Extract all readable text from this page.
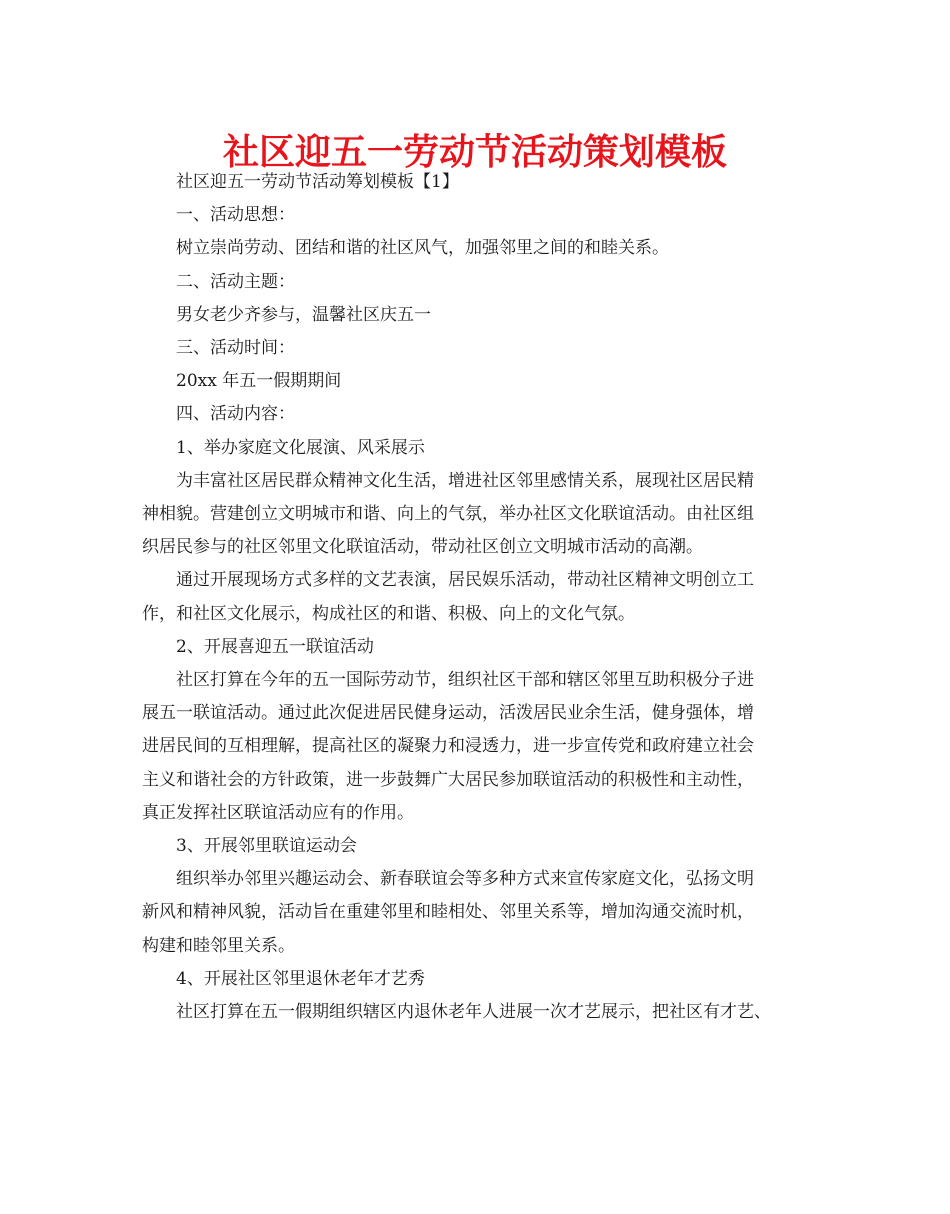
社区迎五一劳动节活动策划模板
社区迎五一劳动节活动筹划模板【1】
一、活动思想：
树立崇尚劳动、团结和谐的社区风气，加强邻里之间的和睦关系。
二、活动主题：
男女老少齐参与，温馨社区庆五一
三、活动时间：
20xx 年五一假期期间
四、活动内容：
1、举办家庭文化展演、风采展示
为丰富社区居民群众精神文化生活，增进社区邻里感情关系，展现社区居民精
神相貌。营建创立文明城市和谐、向上的气氛，举办社区文化联谊活动。由社区组
织居民参与的社区邻里文化联谊活动，带动社区创立文明城市活动的高潮。
通过开展现场方式多样的文艺表演，居民娱乐活动，带动社区精神文明创立工
作，和社区文化展示，构成社区的和谐、积极、向上的文化气氛。
2、开展喜迎五一联谊活动
社区打算在今年的五一国际劳动节，组织社区干部和辖区邻里互助积极分子进
展五一联谊活动。通过此次促进居民健身运动，活泼居民业余生活，健身强体，增
进居民间的互相理解，提高社区的凝聚力和浸透力，进一步宣传党和政府建立社会
主义和谐社会的方针政策，进一步鼓舞广大居民参加联谊活动的积极性和主动性，
真正发挥社区联谊活动应有的作用。
3、开展邻里联谊运动会
组织举办邻里兴趣运动会、新春联谊会等多种方式来宣传家庭文化，弘扬文明
新风和精神风貌，活动旨在重建邻里和睦相处、邻里关系等，增加沟通交流时机，
构建和睦邻里关系。
4、开展社区邻里退休老年才艺秀
社区打算在五一假期组织辖区内退休老年人进展一次才艺展示，把社区有才艺、
